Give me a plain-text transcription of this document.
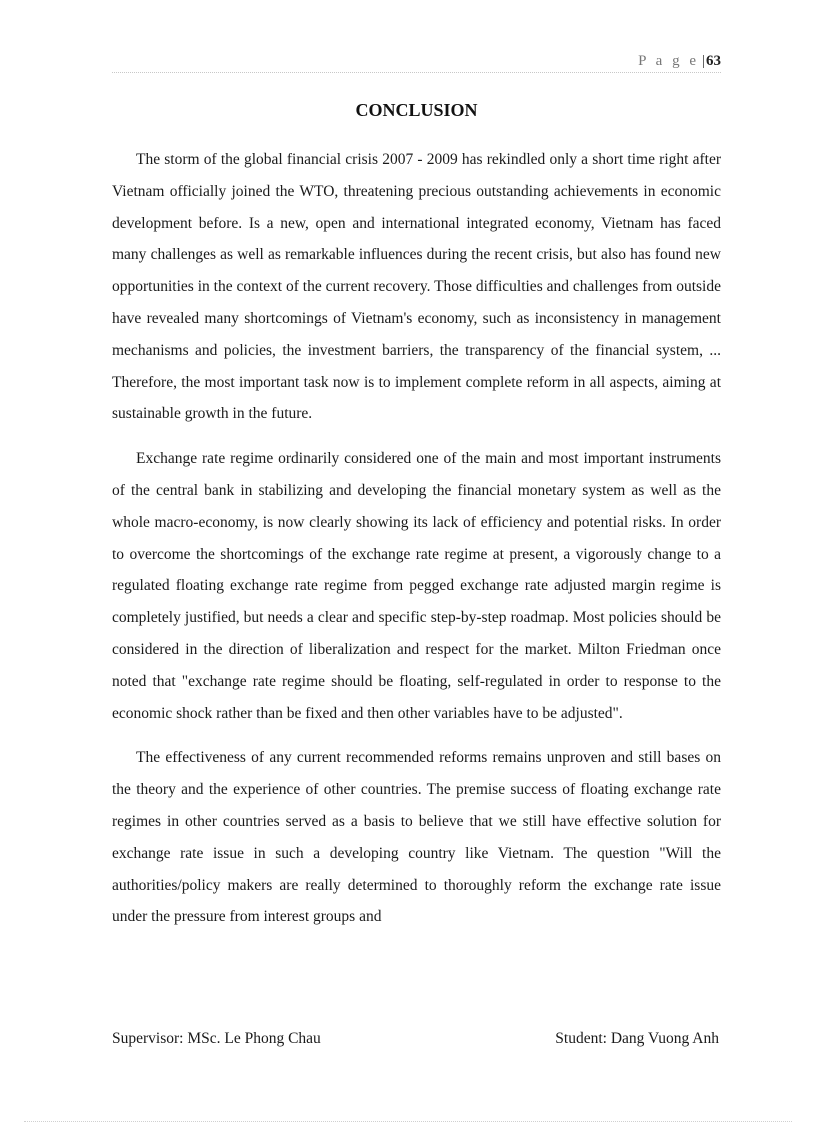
P a g e |63
CONCLUSION

The storm of the global financial crisis 2007 - 2009 has rekindled only a short time right after Vietnam officially joined the WTO, threatening precious outstanding achievements in economic development before. Is a new, open and international integrated economy, Vietnam has faced many challenges as well as remarkable influences during the recent crisis, but also has found new opportunities in the context of the current recovery. Those difficulties and challenges from outside have revealed many shortcomings of Vietnam's economy, such as inconsistency in management mechanisms and policies, the investment barriers, the transparency of the financial system, ... Therefore, the most important task now is to implement complete reform in all aspects, aiming at sustainable growth in the future.

Exchange rate regime ordinarily considered one of the main and most important instruments of the central bank in stabilizing and developing the financial monetary system as well as the whole macro-economy, is now clearly showing its lack of efficiency and potential risks. In order to overcome the shortcomings of the exchange rate regime at present, a vigorously change to a regulated floating exchange rate regime from pegged exchange rate adjusted margin regime is completely justified, but needs a clear and specific step-by-step roadmap. Most policies should be considered in the direction of liberalization and respect for the market. Milton Friedman once noted that "exchange rate regime should be floating, self-regulated in order to response to the economic shock rather than be fixed and then other variables have to be adjusted".

The effectiveness of any current recommended reforms remains unproven and still bases on the theory and the experience of other countries. The premise success of floating exchange rate regimes in other countries served as a basis to believe that we still have effective solution for exchange rate issue in such a developing country like Vietnam. The question "Will the authorities/policy makers are really determined to thoroughly reform the exchange rate issue under the pressure from interest groups and

Supervisor: MSc. Le Phong Chau	Student: Dang Vuong Anh
